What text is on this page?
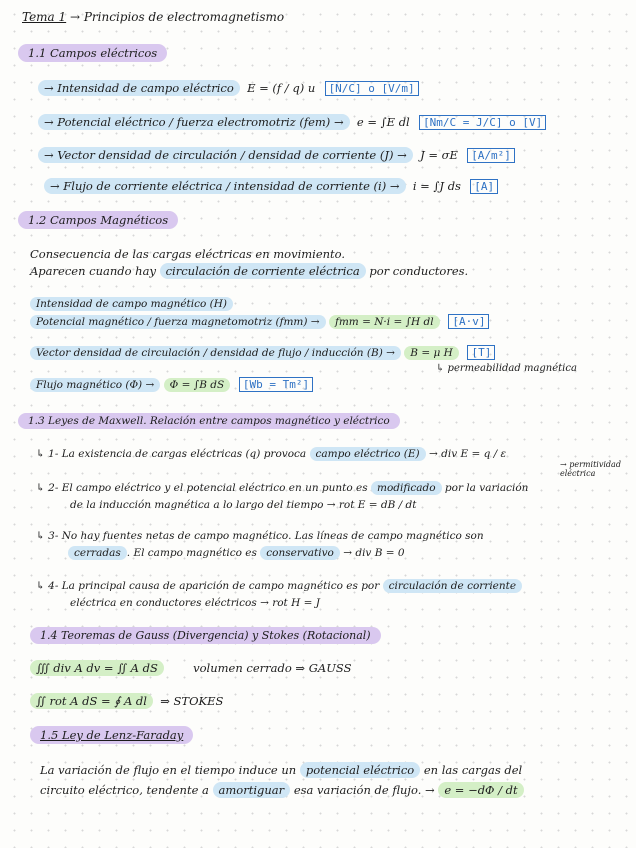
Tema 1 → Principios de electromagnetismo
1.1 Campos eléctricos
→ Intensidad de campo eléctrico E = (f / q) u [N/C] o [V/m]
→ Potencial eléctrico / fuerza electromotriz (fem) → e = ∫E dl [Nm/C = J/C] o [V]
→ Vector densidad de circulación / densidad de corriente (J) → J = σE [A/m²]
→ Flujo de corriente eléctrica / intensidad de corriente (i) → i = ∫J ds [A]
1.2 Campos Magnéticos
Consecuencia de las cargas eléctricas en movimiento.
Aparecen cuando hay circulación de corriente eléctrica por conductores.
Intensidad de campo magnético (H)
Potencial magnético / fuerza magnetomotriz (fmm) → fmm = N·i = ∫H dl [A·v]
Vector densidad de circulación / densidad de flujo / inducción (B) → B = μ H [T]
↳ permeabilidad magnética
Flujo magnético (Φ) → Φ = ∫B dS [Wb = Tm²]
1.3 Leyes de Maxwell. Relación entre campos magnético y eléctrico
↳ 1- La existencia de cargas eléctricas (q) provoca campo eléctrico (E) → div E = q / ε
→ permitividad eléctrica
↳ 2- El campo eléctrico y el potencial eléctrico en un punto es modificado por la variación
de la inducción magnética a lo largo del tiempo → rot E = dB / dt
↳ 3- No hay fuentes netas de campo magnético. Las líneas de campo magnético son
cerradas . El campo magnético es conservativo → div B = 0
↳ 4- La principal causa de aparición de campo magnético es por circulación de corriente
eléctrica en conductores eléctricos → rot H = J
1.4 Teoremas de Gauss (Divergencia) y Stokes (Rotacional)
∭ div A dv = ∬ A dS	volumen cerrado ⇒ GAUSS
∬ rot A dS = ∮ A dl ⇒ STOKES
1.5 Ley de Lenz-Faraday
La variación de flujo en el tiempo induce un potencial eléctrico en las cargas del
circuito eléctrico, tendente a amortiguar esa variación de flujo. → e = −dΦ / dt
